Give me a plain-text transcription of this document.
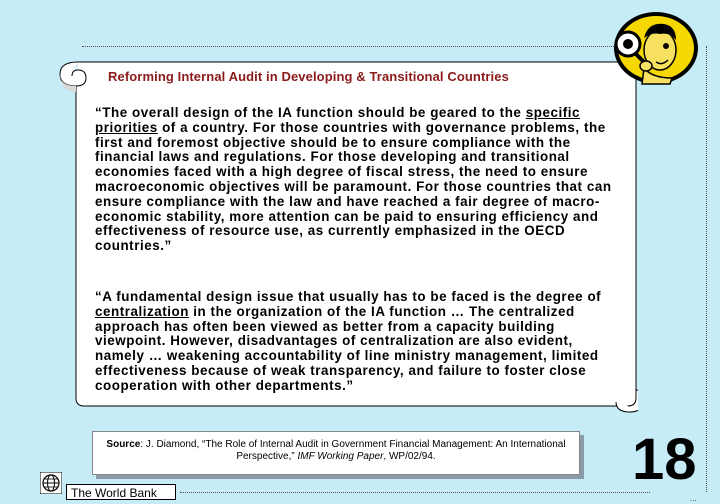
Reforming Internal Audit in Developing & Transitional Countries
“The overall design of the IA function should be geared to the specific priorities of a country. For those countries with governance problems, the first and foremost objective should be to ensure compliance with the financial laws and regulations. For those developing and transitional economies faced with a high degree of fiscal stress, the need to ensure macroeconomic objectives will be paramount. For those countries that can ensure compliance with the law and have reached a fair degree of macro-economic stability, more attention can be paid to ensuring efficiency and effectiveness of resource use, as currently emphasized in the OECD countries.”
“A fundamental design issue that usually has to be faced is the degree of centralization in the organization of the IA function … The centralized approach has often been viewed as better from a capacity building viewpoint. However, disadvantages of centralization are also evident, namely … weakening accountability of line ministry management, limited effectiveness because of weak transparency, and failure to foster close cooperation with other departments.”
Source: J. Diamond, “The Role of Internal Audit in Government Financial Management: An International Perspective,” IMF Working Paper, WP/02/94.	18
The World Bank	...
